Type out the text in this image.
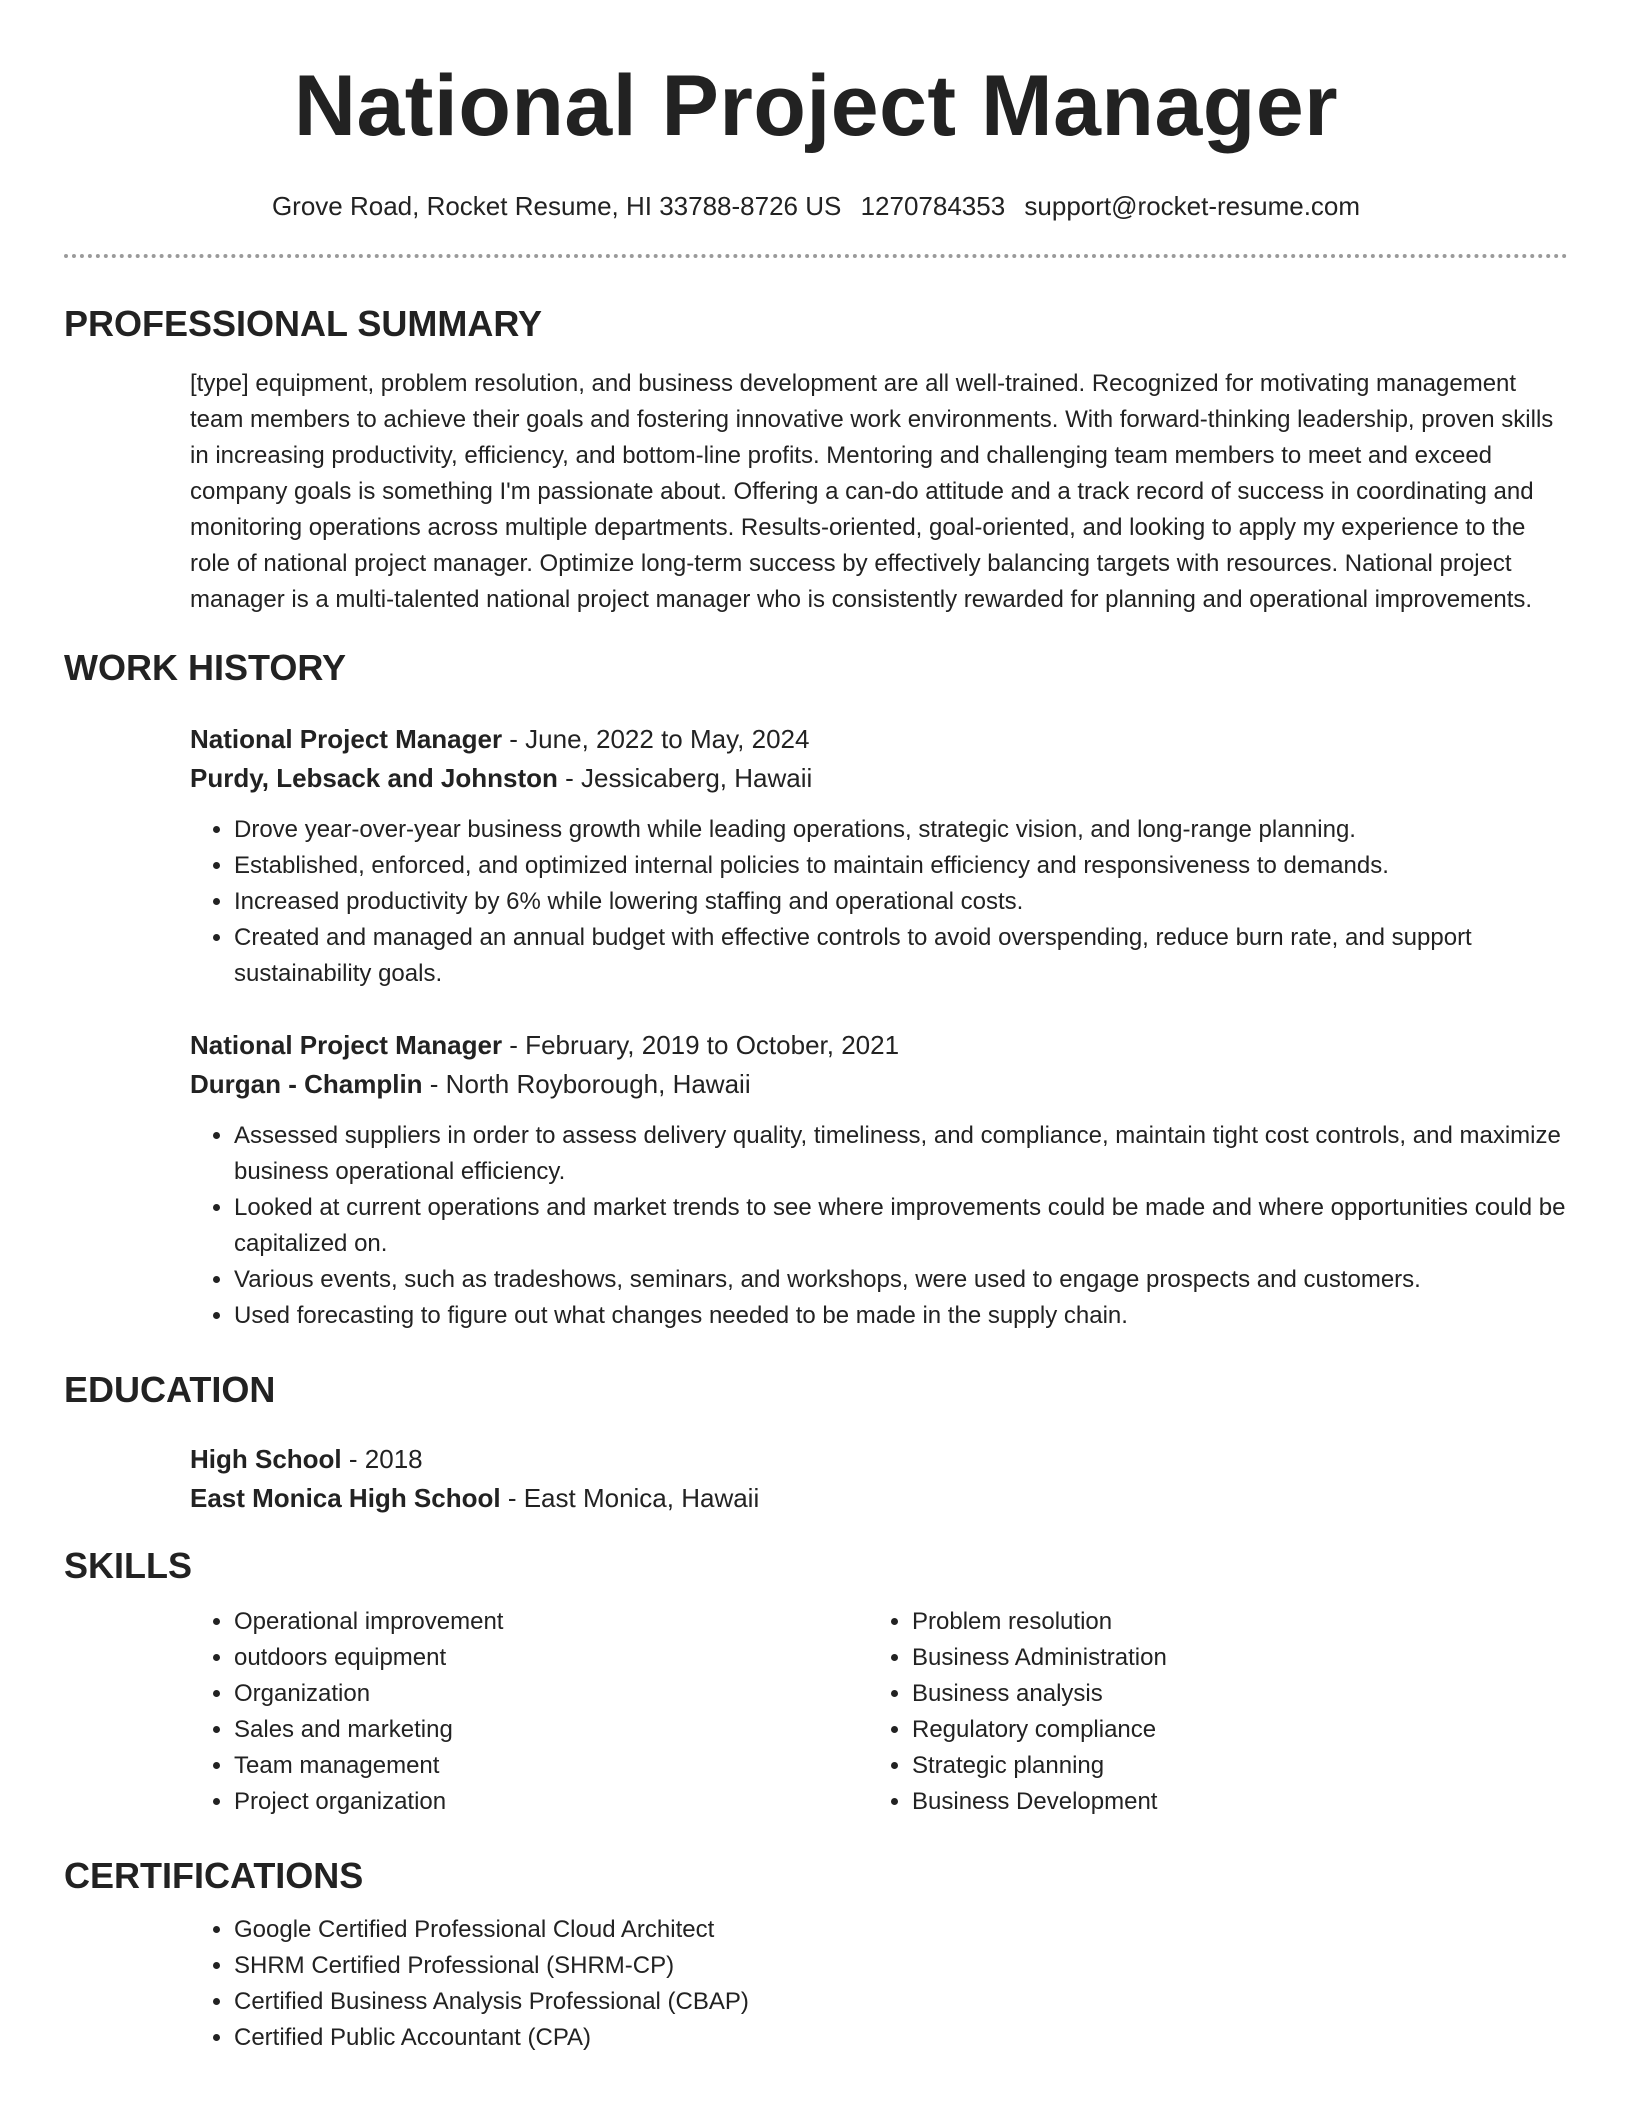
National Project Manager
Grove Road, Rocket Resume, HI 33788-8726 US 1270784353 support@rocket-resume.com
PROFESSIONAL SUMMARY

[type] equipment, problem resolution, and business development are all well-trained. Recognized for motivating management team members to achieve their goals and fostering innovative work environments. With forward-thinking leadership, proven skills in increasing productivity, efficiency, and bottom-line profits. Mentoring and challenging team members to meet and exceed company goals is something I'm passionate about. Offering a can-do attitude and a track record of success in coordinating and monitoring operations across multiple departments. Results-oriented, goal-oriented, and looking to apply my experience to the role of national project manager. Optimize long-term success by effectively balancing targets with resources. National project manager is a multi-talented national project manager who is consistently rewarded for planning and operational improvements.

WORK HISTORY
National Project Manager - June, 2022 to May, 2024
Purdy, Lebsack and Johnston - Jessicaberg, Hawaii
• Drove year-over-year business growth while leading operations, strategic vision, and long-range planning.
• Established, enforced, and optimized internal policies to maintain efficiency and responsiveness to demands.
• Increased productivity by 6% while lowering staffing and operational costs.
• Created and managed an annual budget with effective controls to avoid overspending, reduce burn rate, and support sustainability goals.
National Project Manager - February, 2019 to October, 2021
Durgan - Champlin - North Royborough, Hawaii
• Assessed suppliers in order to assess delivery quality, timeliness, and compliance, maintain tight cost controls, and maximize business operational efficiency.
• Looked at current operations and market trends to see where improvements could be made and where opportunities could be capitalized on.
• Various events, such as tradeshows, seminars, and workshops, were used to engage prospects and customers.
• Used forecasting to figure out what changes needed to be made in the supply chain.
EDUCATION
High School - 2018
East Monica High School - East Monica, Hawaii
SKILLS
• Operational improvement
• outdoors equipment
• Organization
• Sales and marketing
• Team management
• Project organization
• Problem resolution
• Business Administration
• Business analysis
• Regulatory compliance
• Strategic planning
• Business Development
CERTIFICATIONS
• Google Certified Professional Cloud Architect
• SHRM Certified Professional (SHRM-CP)
• Certified Business Analysis Professional (CBAP)
• Certified Public Accountant (CPA)
